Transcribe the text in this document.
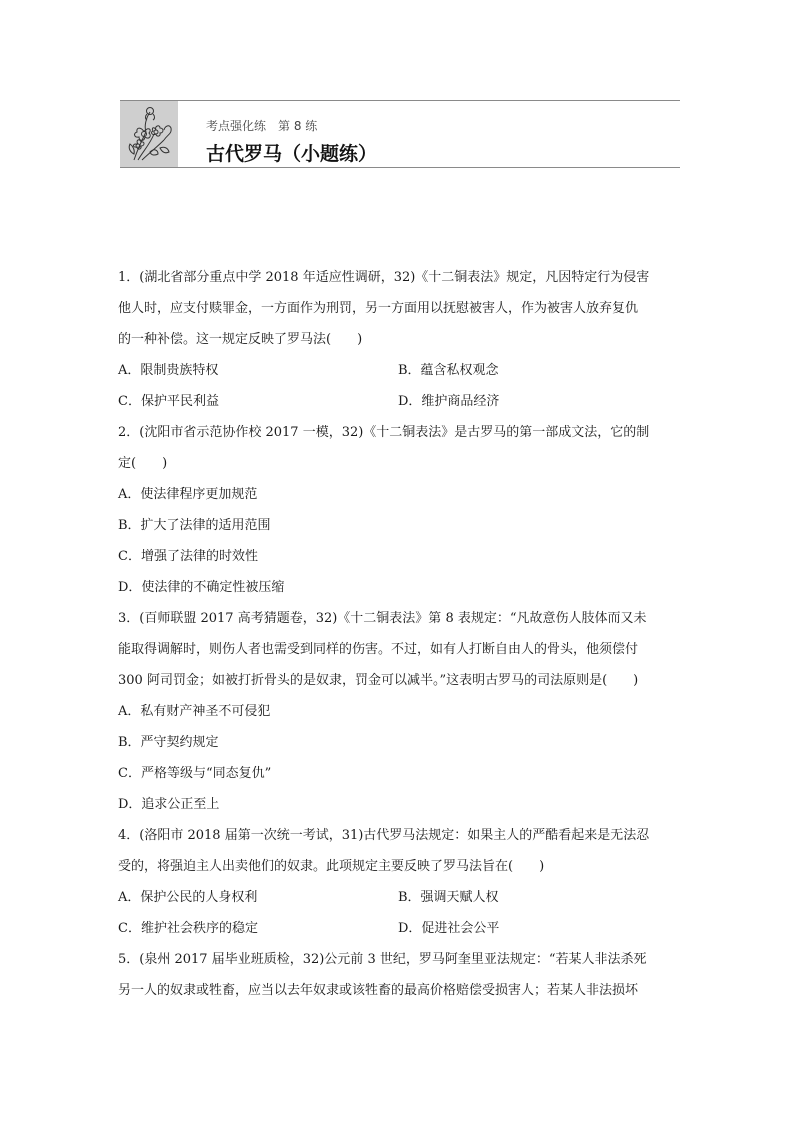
考点强化练　第 8 练
古代罗马（小题练）
1．(湖北省部分重点中学 2018 年适应性调研，32)《十二铜表法》规定，凡因特定行为侵害
他人时，应支付赎罪金，一方面作为刑罚，另一方面用以抚慰被害人，作为被害人放弃复仇
的一种补偿。这一规定反映了罗马法(　　)
A．限制贵族特权	B．蕴含私权观念
C．保护平民利益	D．维护商品经济
2．(沈阳市省示范协作校 2017 一模，32)《十二铜表法》是古罗马的第一部成文法，它的制
定(　　)
A．使法律程序更加规范
B．扩大了法律的适用范围
C．增强了法律的时效性
D．使法律的不确定性被压缩
3．(百师联盟 2017 高考猜题卷，32)《十二铜表法》第 8 表规定：“凡故意伤人肢体而又未
能取得调解时，则伤人者也需受到同样的伤害。不过，如有人打断自由人的骨头，他须偿付
300 阿司罚金；如被打折骨头的是奴隶，罚金可以减半。”这表明古罗马的司法原则是(　　)
A．私有财产神圣不可侵犯
B．严守契约规定
C．严格等级与“同态复仇”
D．追求公正至上
4．(洛阳市 2018 届第一次统一考试，31)古代罗马法规定：如果主人的严酷看起来是无法忍
受的，将强迫主人出卖他们的奴隶。此项规定主要反映了罗马法旨在(　　)
A．保护公民的人身权利	B．强调天赋人权
C．维护社会秩序的稳定	D．促进社会公平
5．(泉州 2017 届毕业班质检，32)公元前 3 世纪，罗马阿奎里亚法规定：“若某人非法杀死
另一人的奴隶或牲畜，应当以去年奴隶或该牲畜的最高价格赔偿受损害人；若某人非法损坏
